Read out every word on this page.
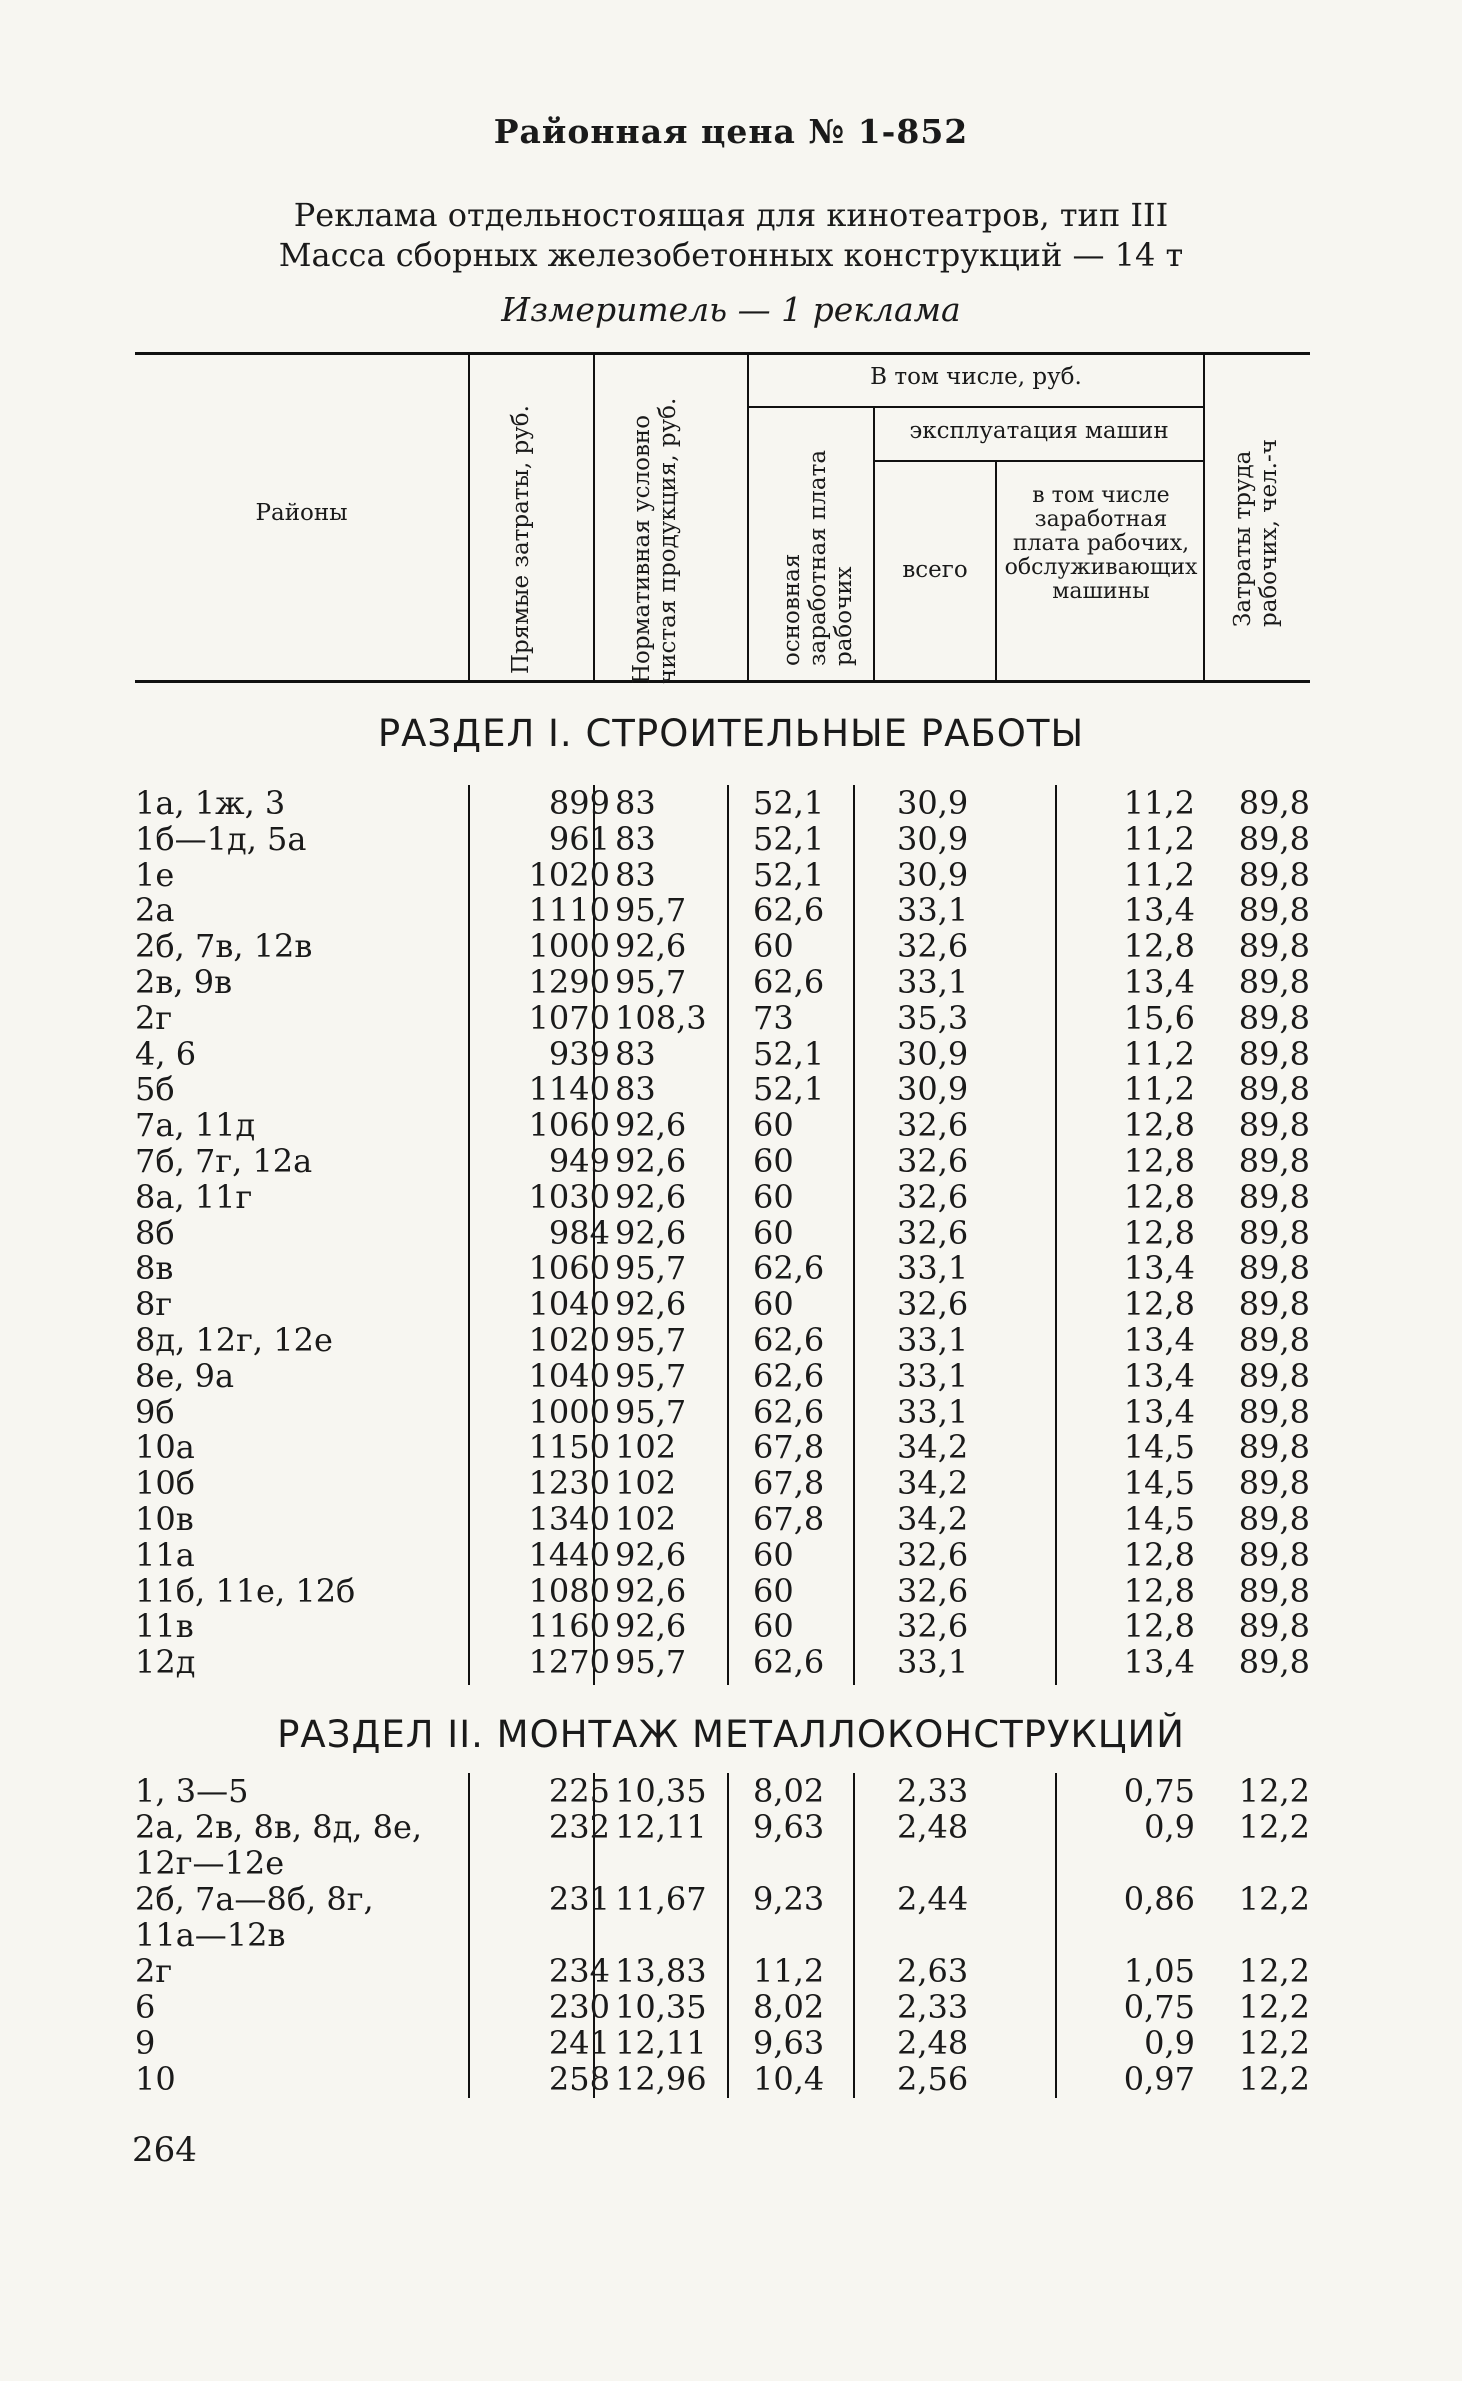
Районная цена № 1-852
Реклама отдельностоящая для кинотеатров, тип III
Масса сборных железобетонных конструкций — 14 т
Измеритель — 1 реклама
Районы	Прямые затраты, руб.	Нормативная условно чистая продукция, руб.
В том числе, руб.
основная заработная плата рабочих
эксплуатация машин
всего
в том числе заработная плата рабочих, обслуживающих машины	Затраты труда рабочих, чел.-ч
РАЗДЕЛ I. СТРОИТЕЛЬНЫЕ РАБОТЫ
1а, 1ж, 3	899 83	52,1	30,9	11,2	89,8
1б—1д, 5а	961 83	52,1	30,9	11,2	89,8
1е	1020 83	52,1	30,9	11,2	89,8
2а	1110 95,7	62,6	33,1	13,4	89,8
2б, 7в, 12в	1000 92,6	60	32,6	12,8	89,8
2в, 9в	1290 95,7	62,6	33,1	13,4	89,8
2г	1070 108,3	73	35,3	15,6	89,8
4, 6	939 83	52,1	30,9	11,2	89,8
5б	1140 83	52,1	30,9	11,2	89,8
7а, 11д	1060 92,6	60	32,6	12,8	89,8
7б, 7г, 12а	949 92,6	60	32,6	12,8	89,8
8а, 11г	1030 92,6	60	32,6	12,8	89,8
8б	984 92,6	60	32,6	12,8	89,8
8в	1060 95,7	62,6	33,1	13,4	89,8
8г	1040 92,6	60	32,6	12,8	89,8
8д, 12г, 12е	1020 95,7	62,6	33,1	13,4	89,8
8е, 9а	1040 95,7	62,6	33,1	13,4	89,8
9б	1000 95,7	62,6	33,1	13,4	89,8
10а	1150 102	67,8	34,2	14,5	89,8
10б	1230 102	67,8	34,2	14,5	89,8
10в	1340 102	67,8	34,2	14,5	89,8
11а	1440 92,6	60	32,6	12,8	89,8
11б, 11е, 12б	1080 92,6	60	32,6	12,8	89,8
11в	1160 92,6	60	32,6	12,8	89,8
12д	1270 95,7	62,6	33,1	13,4	89,8
РАЗДЕЛ II. МОНТАЖ МЕТАЛЛОКОНСТРУКЦИЙ
1, 3—5	225 10,35	8,02	2,33	0,75	12,2
2а, 2в, 8в, 8д, 8е,	232 12,11	9,63	2,48	0,9	12,2
12г—12е
2б, 7а—8б, 8г,	231 11,67	9,23	2,44	0,86	12,2
11а—12в
2г	234 13,83	11,2	2,63	1,05	12,2
6	230 10,35	8,02	2,33	0,75	12,2
9	241 12,11	9,63	2,48	0,9	12,2
10	258 12,96	10,4	2,56	0,97	12,2
264
